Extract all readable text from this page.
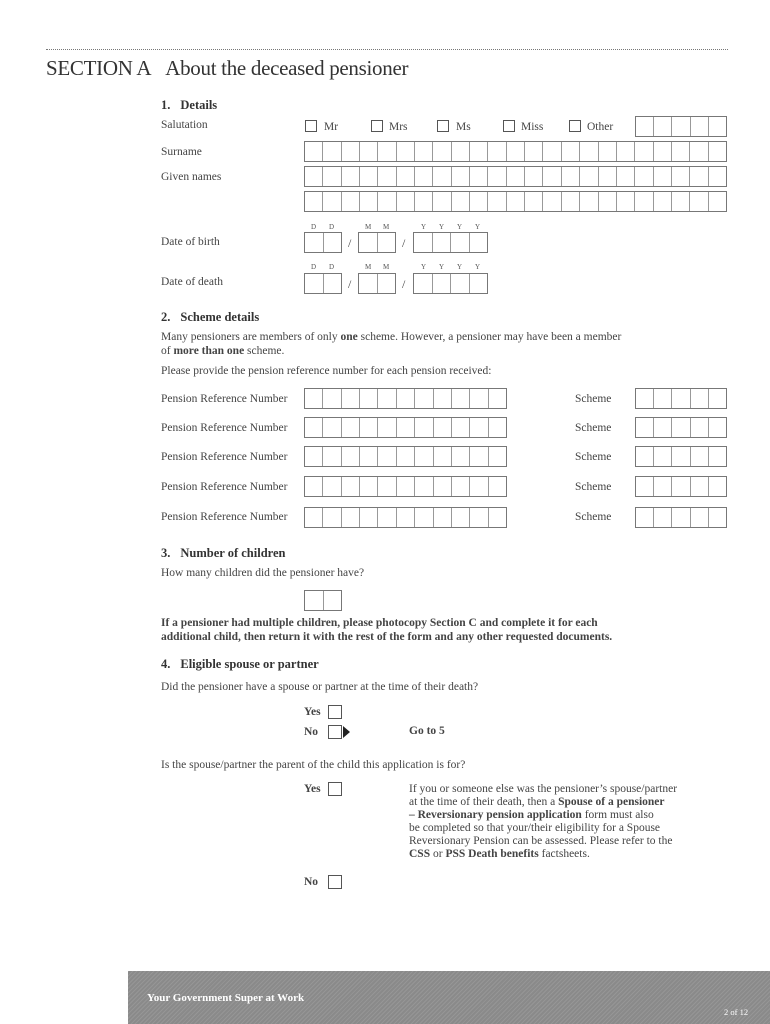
SECTION A About the deceased pensioner
1. Details
Salutation	Mr	Mrs	Ms	Miss	Other
Surname
Given names
D D	M M	Y Y Y Y
Date of birth	/	/
D D	M M	Y Y Y Y
Date of death	/	/
2. Scheme details
Many pensioners are members of only one scheme. However, a pensioner may have been a member
of more than one scheme.
Please provide the pension reference number for each pension received:
Pension Reference Number	Scheme
Pension Reference Number	Scheme
Pension Reference Number	Scheme
Pension Reference Number	Scheme
Pension Reference Number	Scheme
3. Number of children
How many children did the pensioner have?
If a pensioner had multiple children, please photocopy Section C and complete it for each
additional child, then return it with the rest of the form and any other requested documents.
4. Eligible spouse or partner
Did the pensioner have a spouse or partner at the time of their death?
Yes
No	Go to 5
Is the spouse/partner the parent of the child this application is for?
Yes	If you or someone else was the pensioner’s spouse/partner
at the time of their death, then a Spouse of a pensioner
– Reversionary pension application form must also
be completed so that your/their eligibility for a Spouse
Reversionary Pension can be assessed. Please refer to the
CSS or PSS Death benefits factsheets.
No
Your Government Super at Work
2 of 12
